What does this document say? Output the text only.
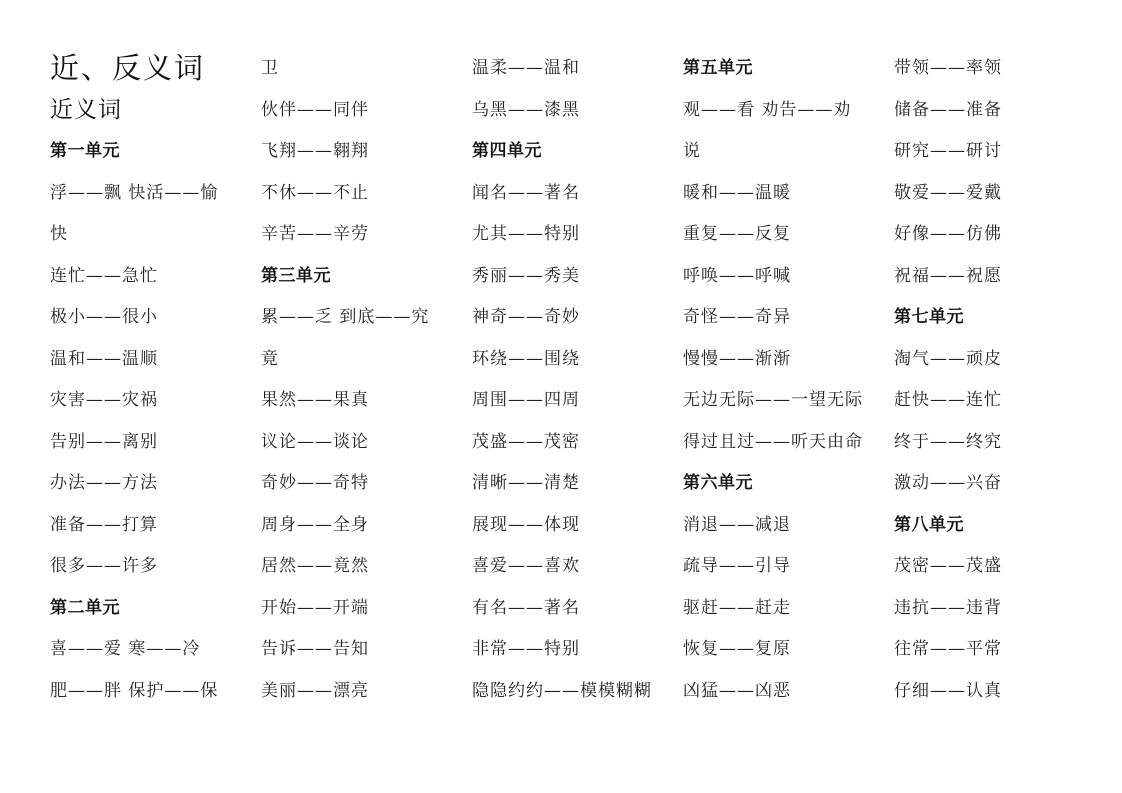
近、反义词
近义词
第一单元
浮——飘 快活——愉
快
连忙——急忙
极小——很小
温和——温顺
灾害——灾祸
告别——离别
办法——方法
准备——打算
很多——许多
第二单元
喜——爱 寒——冷
肥——胖 保护——保
卫
伙伴——同伴
飞翔——翱翔
不休——不止
辛苦——辛劳
第三单元
累——乏 到底——究
竟
果然——果真
议论——谈论
奇妙——奇特
周身——全身
居然——竟然
开始——开端
告诉——告知
美丽——漂亮
温柔——温和
乌黑——漆黑
第四单元
闻名——著名
尤其——特别
秀丽——秀美
神奇——奇妙
环绕——围绕
周围——四周
茂盛——茂密
清晰——清楚
展现——体现
喜爱——喜欢
有名——著名
非常——特别
隐隐约约——模模糊糊
第五单元
观——看 劝告——劝
说
暖和——温暖
重复——反复
呼唤——呼喊
奇怪——奇异
慢慢——渐渐
无边无际——一望无际
得过且过——听天由命
第六单元
消退——减退
疏导——引导
驱赶——赶走
恢复——复原
凶猛——凶恶
带领——率领
储备——准备
研究——研讨
敬爱——爱戴
好像——仿佛
祝福——祝愿
第七单元
淘气——顽皮
赶快——连忙
终于——终究
激动——兴奋
第八单元
茂密——茂盛
违抗——违背
往常——平常
仔细——认真
